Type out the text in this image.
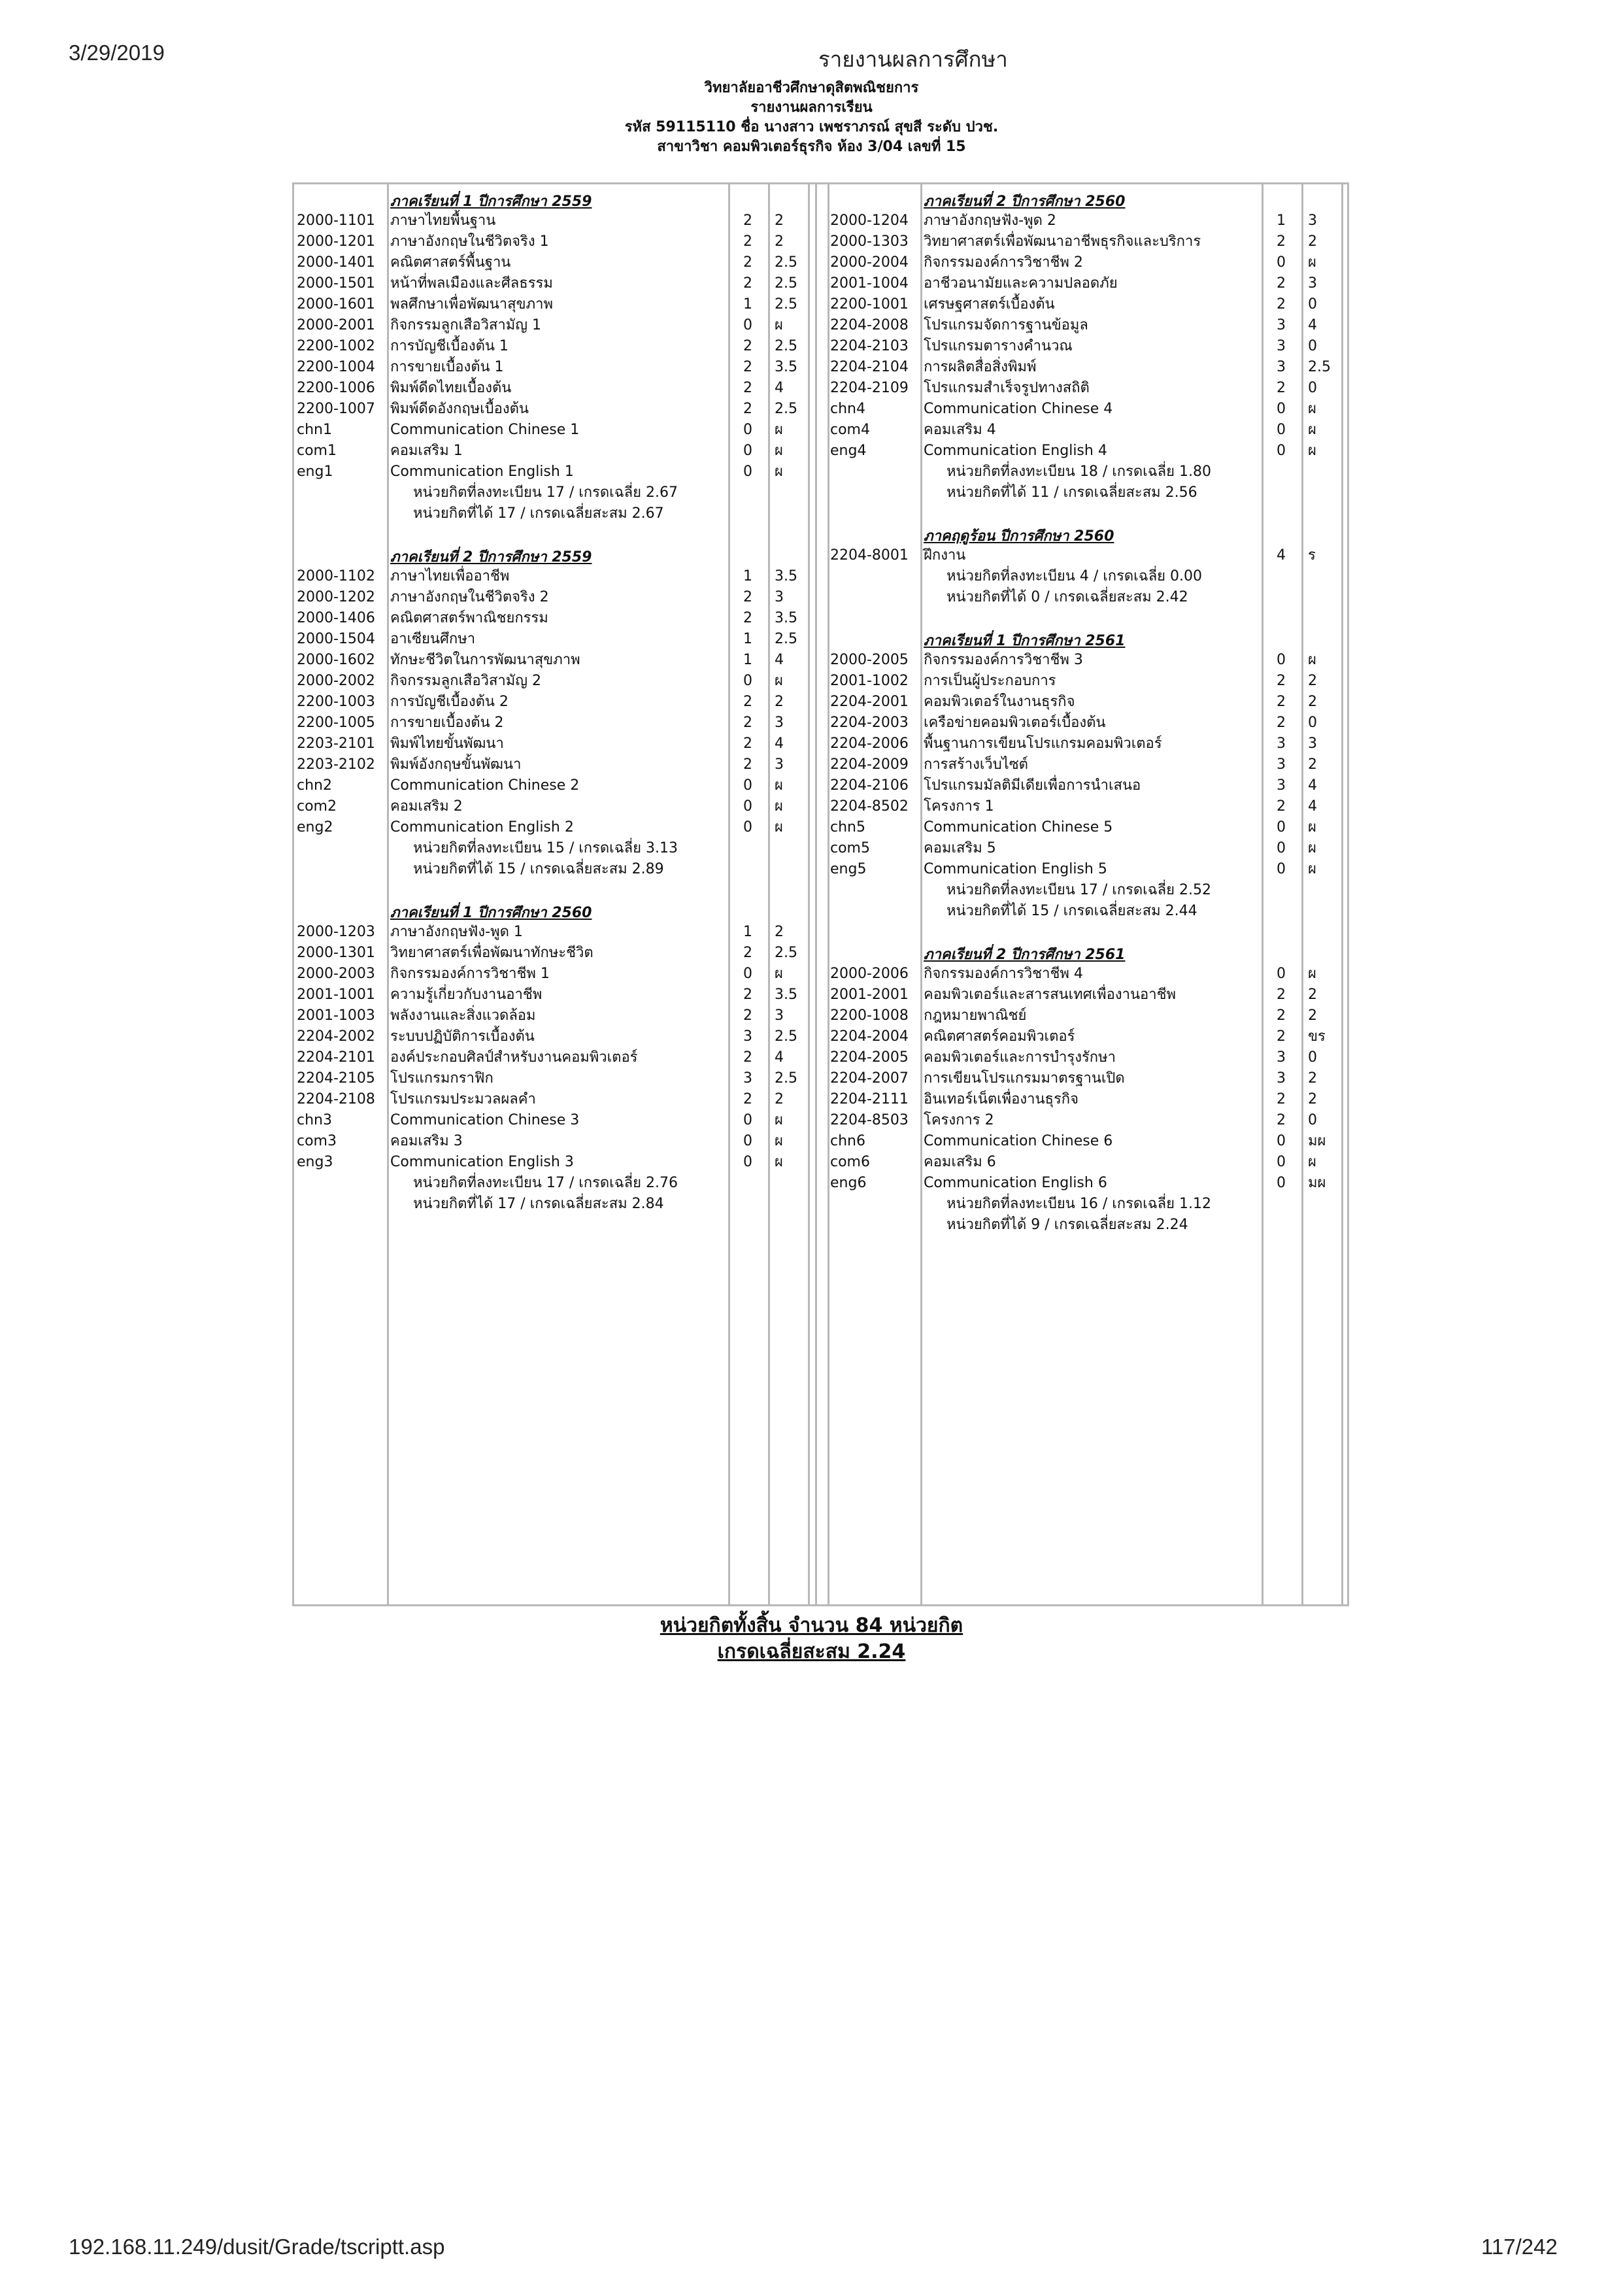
3/29/2019	รายงานผลการศึกษา
วิทยาลัยอาชีวศึกษาดุสิตพณิชยการ
รายงานผลการเรียน
รหัส 59115110 ชื่อ นางสาว เพชราภรณ์ สุขสี ระดับ ปวช.
สาขาวิชา คอมพิวเตอร์ธุรกิจ ห้อง 3/04 เลขที่ 15
ภาคเรียนที่ 1 ปีการศึกษา 2559
2000-1101 ภาษาไทยพื้นฐาน	2 2
2000-1201 ภาษาอังกฤษในชีวิตจริง 1	2 2
2000-1401 คณิตศาสตร์พื้นฐาน	2 2.5
2000-1501 หน้าที่พลเมืองและศีลธรรม	2 2.5
2000-1601 พลศึกษาเพื่อพัฒนาสุขภาพ	1 2.5
2000-2001 กิจกรรมลูกเสือวิสามัญ 1	0 ผ
2200-1002 การบัญชีเบื้องต้น 1	2 2.5
2200-1004 การขายเบื้องต้น 1	2 3.5
2200-1006 พิมพ์ดีดไทยเบื้องต้น	2 4
2200-1007 พิมพ์ดีดอังกฤษเบื้องต้น	2 2.5
chn1	Communication Chinese 1	0 ผ
com1	คอมเสริม 1	0 ผ
eng1	Communication English 1	0 ผ
หน่วยกิตที่ลงทะเบียน 17 / เกรดเฉลี่ย 2.67
หน่วยกิตที่ได้ 17 / เกรดเฉลี่ยสะสม 2.67
ภาคเรียนที่ 2 ปีการศึกษา 2559
2000-1102 ภาษาไทยเพื่ออาชีพ	1 3.5
2000-1202 ภาษาอังกฤษในชีวิตจริง 2	2 3
2000-1406 คณิตศาสตร์พาณิชยกรรม	2 3.5
2000-1504 อาเซียนศึกษา	1 2.5
2000-1602 ทักษะชีวิตในการพัฒนาสุขภาพ	1 4
2000-2002 กิจกรรมลูกเสือวิสามัญ 2	0 ผ
2200-1003 การบัญชีเบื้องต้น 2	2 2
2200-1005 การขายเบื้องต้น 2	2 3
2203-2101 พิมพ์ไทยขั้นพัฒนา	2 4
2203-2102 พิมพ์อังกฤษขั้นพัฒนา	2 3
chn2	Communication Chinese 2	0 ผ
com2	คอมเสริม 2	0 ผ
eng2	Communication English 2	0 ผ
หน่วยกิตที่ลงทะเบียน 15 / เกรดเฉลี่ย 3.13
หน่วยกิตที่ได้ 15 / เกรดเฉลี่ยสะสม 2.89
ภาคเรียนที่ 1 ปีการศึกษา 2560
2000-1203 ภาษาอังกฤษฟัง-พูด 1	1 2
2000-1301 วิทยาศาสตร์เพื่อพัฒนาทักษะชีวิต	2 2.5
2000-2003 กิจกรรมองค์การวิชาชีพ 1	0 ผ
2001-1001 ความรู้เกี่ยวกับงานอาชีพ	2 3.5
2001-1003 พลังงานและสิ่งแวดล้อม	2 3
2204-2002 ระบบปฏิบัติการเบื้องต้น	3 2.5
2204-2101 องค์ประกอบศิลป์สำหรับงานคอมพิวเตอร์	2 4
2204-2105 โปรแกรมกราฟิก	3 2.5
2204-2108 โปรแกรมประมวลผลคำ	2 2
chn3	Communication Chinese 3	0 ผ
com3	คอมเสริม 3	0 ผ
eng3	Communication English 3	0 ผ
หน่วยกิตที่ลงทะเบียน 17 / เกรดเฉลี่ย 2.76
หน่วยกิตที่ได้ 17 / เกรดเฉลี่ยสะสม 2.84
ภาคเรียนที่ 2 ปีการศึกษา 2560
2000-1204 ภาษาอังกฤษฟัง-พูด 2	1 3
2000-1303 วิทยาศาสตร์เพื่อพัฒนาอาชีพธุรกิจและบริการ	2 2
2000-2004 กิจกรรมองค์การวิชาชีพ 2	0 ผ
2001-1004 อาชีวอนามัยและความปลอดภัย	2 3
2200-1001 เศรษฐศาสตร์เบื้องต้น	2 0
2204-2008 โปรแกรมจัดการฐานข้อมูล	3 4
2204-2103 โปรแกรมตารางคำนวณ	3 0
2204-2104 การผลิตสื่อสิ่งพิมพ์	3 2.5
2204-2109 โปรแกรมสำเร็จรูปทางสถิติ	2 0
chn4	Communication Chinese 4	0 ผ
com4	คอมเสริม 4	0 ผ
eng4	Communication English 4	0 ผ
หน่วยกิตที่ลงทะเบียน 18 / เกรดเฉลี่ย 1.80
หน่วยกิตที่ได้ 11 / เกรดเฉลี่ยสะสม 2.56
ภาคฤดูร้อน ปีการศึกษา 2560
2204-8001 ฝึกงาน	4 ร
หน่วยกิตที่ลงทะเบียน 4 / เกรดเฉลี่ย 0.00
หน่วยกิตที่ได้ 0 / เกรดเฉลี่ยสะสม 2.42
ภาคเรียนที่ 1 ปีการศึกษา 2561
2000-2005 กิจกรรมองค์การวิชาชีพ 3	0 ผ
2001-1002 การเป็นผู้ประกอบการ	2 2
2204-2001 คอมพิวเตอร์ในงานธุรกิจ	2 2
2204-2003 เครือข่ายคอมพิวเตอร์เบื้องต้น	2 0
2204-2006 พื้นฐานการเขียนโปรแกรมคอมพิวเตอร์	3 3
2204-2009 การสร้างเว็บไซต์	3 2
2204-2106 โปรแกรมมัลติมีเดียเพื่อการนำเสนอ	3 4
2204-8502 โครงการ 1	2 4
chn5	Communication Chinese 5	0 ผ
com5	คอมเสริม 5	0 ผ
eng5	Communication English 5	0 ผ
หน่วยกิตที่ลงทะเบียน 17 / เกรดเฉลี่ย 2.52
หน่วยกิตที่ได้ 15 / เกรดเฉลี่ยสะสม 2.44
ภาคเรียนที่ 2 ปีการศึกษา 2561
2000-2006 กิจกรรมองค์การวิชาชีพ 4	0 ผ
2001-2001 คอมพิวเตอร์และสารสนเทศเพื่องานอาชีพ	2 2
2200-1008 กฎหมายพาณิชย์	2 2
2204-2004 คณิตศาสตร์คอมพิวเตอร์	2 ขร
2204-2005 คอมพิวเตอร์และการบำรุงรักษา	3 0
2204-2007 การเขียนโปรแกรมมาตรฐานเปิด	3 2
2204-2111 อินเทอร์เน็ตเพื่องานธุรกิจ	2 2
2204-8503 โครงการ 2	2 0
chn6	Communication Chinese 6	0 มผ
com6	คอมเสริม 6	0 ผ
eng6	Communication English 6	0 มผ
หน่วยกิตที่ลงทะเบียน 16 / เกรดเฉลี่ย 1.12
หน่วยกิตที่ได้ 9 / เกรดเฉลี่ยสะสม 2.24
หน่วยกิตทั้งสิ้น จำนวน 84 หน่วยกิต
เกรดเฉลี่ยสะสม 2.24
192.168.11.249/dusit/Grade/tscriptt.asp	117/242
